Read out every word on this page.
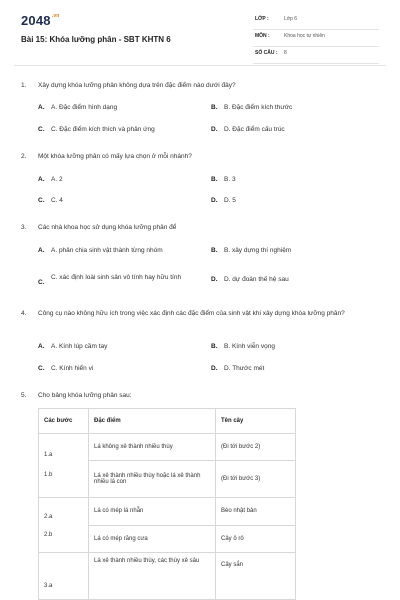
$2048^{.vn}$
Bài 15: Khóa lưỡng phân - SBT KHTN 6
LỚP :	Lớp 6
MÔN :	Khoa học tự nhiên
SỐ CÂU : 8
1. Xây dựng khóa lưỡng phân không dựa trên đặc điểm nào dưới đây?
A. A. Đặc điểm hình dạng	B. B. Đặc điểm kích thước
C. C. Đặc điểm kích thích và phản ứng	D. D. Đặc điểm cấu trúc
2. Một khóa lưỡng phân có mấy lựa chọn ở mỗi nhánh?
A. A. 2	B. B. 3
C. C. 4	D. D. 5
3. Các nhà khoa học sử dụng khóa lưỡng phân để
A. A. phân chia sinh vật thành từng nhóm	B. B. xây dựng thí nghiệm
C.
C. xác định loài sinh sản vô tính hay hữu tính	D. D. dự đoán thế hệ sau
4. Công cụ nào không hữu ích trong việc xác định các đặc điểm của sinh vật khi xây dựng khóa lưỡng phân?
A. A. Kính lúp cầm tay	B. B. Kính viễn vọng
C. C. Kính hiển vi	D. D. Thước mét
5. Cho bảng khóa lưỡng phân sau:
Các bước	Đặc điểm	Tên cây

1.a
1.b	Lá không xẻ thành nhiều thùy	(Đi tới bước 2)
	Lá xẻ thành nhiều thùy hoặc lá xẻ thành nhiều lá con	(Đi tới bước 3)

2.a
2.b	Lá có mép lá nhẵn	Bèo nhật bản
	Lá có mép răng cưa	Cây ô rô

3.a	Lá xẻ thành nhiều thùy, các thùy xẻ sâu	Cây sắn
